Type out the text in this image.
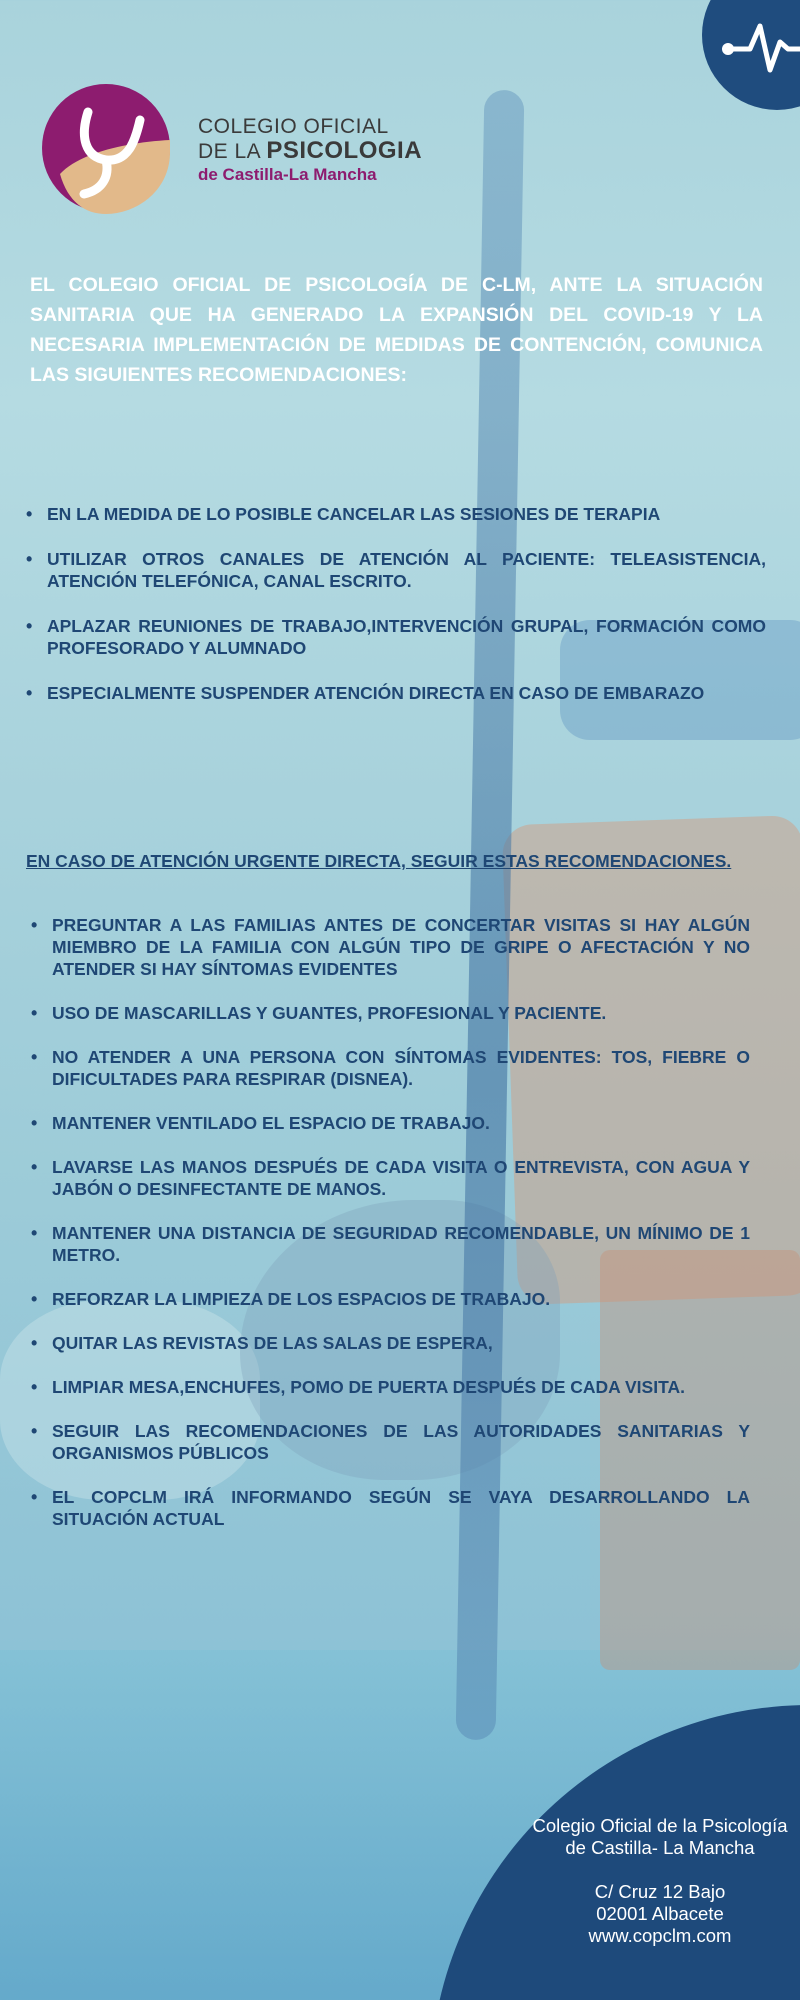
COLEGIO OFICIAL
DE LA PSICOLOGIA
de Castilla-La Mancha

EL COLEGIO OFICIAL DE PSICOLOGÍA DE C-LM, ANTE LA SITUACIÓN SANITARIA QUE HA GENERADO LA EXPANSIÓN DEL COVID-19 Y LA NECESARIA IMPLEMENTACIÓN DE MEDIDAS DE CONTENCIÓN, COMUNICA LAS SIGUIENTES RECOMENDACIONES:

• EN LA MEDIDA DE LO POSIBLE CANCELAR LAS SESIONES DE TERAPIA
• UTILIZAR OTROS CANALES DE ATENCIÓN AL PACIENTE: TELEASISTENCIA, ATENCIÓN TELEFÓNICA, CANAL ESCRITO.
• APLAZAR REUNIONES DE TRABAJO,INTERVENCIÓN GRUPAL, FORMACIÓN COMO PROFESORADO Y ALUMNADO
• ESPECIALMENTE SUSPENDER ATENCIÓN DIRECTA EN CASO DE EMBARAZO

EN CASO DE ATENCIÓN URGENTE DIRECTA, SEGUIR ESTAS RECOMENDACIONES.

• PREGUNTAR A LAS FAMILIAS ANTES DE CONCERTAR VISITAS SI HAY ALGÚN MIEMBRO DE LA FAMILIA CON ALGÚN TIPO DE GRIPE O AFECTACIÓN Y NO ATENDER SI HAY SÍNTOMAS EVIDENTES
• USO DE MASCARILLAS Y GUANTES, PROFESIONAL Y PACIENTE.
• NO ATENDER A UNA PERSONA CON SÍNTOMAS EVIDENTES: TOS, FIEBRE O DIFICULTADES PARA RESPIRAR (DISNEA).
• MANTENER VENTILADO EL ESPACIO DE TRABAJO.
• LAVARSE LAS MANOS DESPUÉS DE CADA VISITA O ENTREVISTA, CON AGUA Y JABÓN O DESINFECTANTE DE MANOS.
• MANTENER UNA DISTANCIA DE SEGURIDAD RECOMENDABLE, UN MÍNIMO DE 1 METRO.
• REFORZAR LA LIMPIEZA DE LOS ESPACIOS DE TRABAJO.
• QUITAR LAS REVISTAS DE LAS SALAS DE ESPERA,
• LIMPIAR MESA,ENCHUFES, POMO DE PUERTA DESPUÉS DE CADA VISITA.
• SEGUIR LAS RECOMENDACIONES DE LAS AUTORIDADES SANITARIAS Y ORGANISMOS PÚBLICOS
• EL COPCLM IRÁ INFORMANDO SEGÚN SE VAYA DESARROLLANDO LA SITUACIÓN ACTUAL
Colegio Oficial de la Psicología
de Castilla- La Mancha
C/ Cruz 12 Bajo
02001 Albacete
www.copclm.com
